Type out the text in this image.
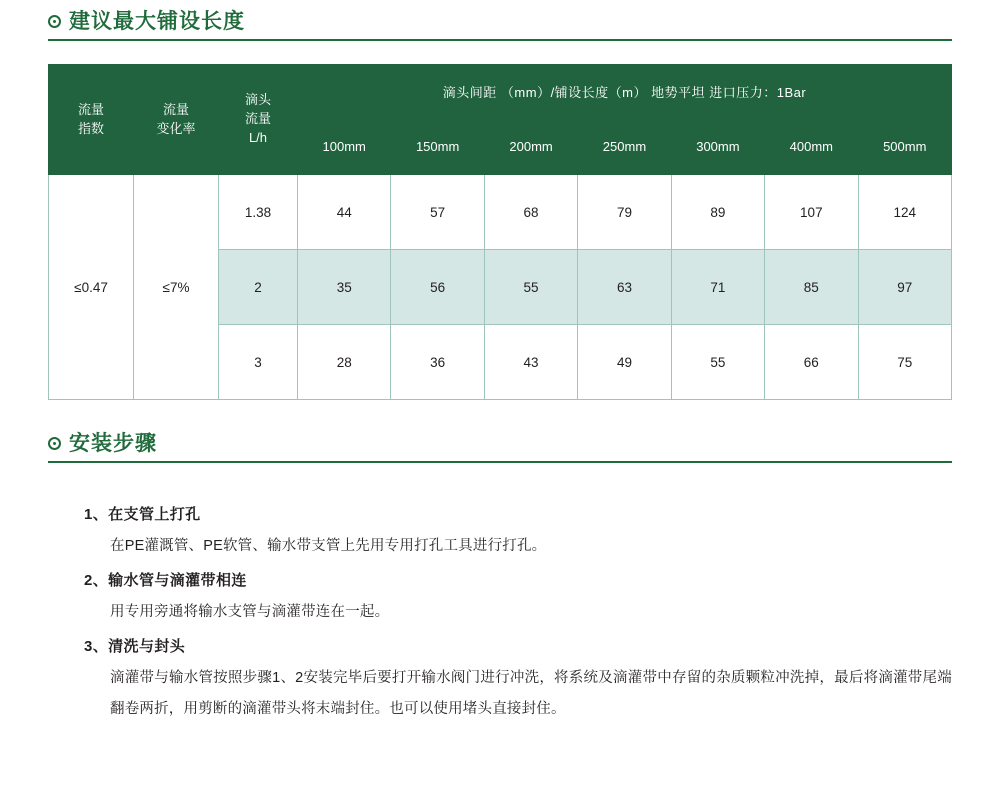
建议最大铺设长度
流量
指数

流量
变化率

滴头
流量
L/h
	滴头间距 （mm）/铺设长度（m） 地势平坦 进口压力：1Bar
			100mm	150mm	200mm	250mm	300mm	400mm	500mm
≤0.47	≤7%	1.38	44	57	68	79	89	107	124
		2	35	56	55	63	71	85	97
		3	28	36	43	49	55	66	75
安装步骤
1、在支管上打孔
在PE灌溉管、PE软管、输水带支管上先用专用打孔工具进行打孔。
2、输水管与滴灌带相连
用专用旁通将输水支管与滴灌带连在一起。
3、清洗与封头
滴灌带与输水管按照步骤1、2安装完毕后要打开输水阀门进行冲洗，将系统及滴灌带中存留的杂质颗粒冲洗掉，最后将滴灌带尾端翻卷两折，用剪断的滴灌带头将末端封住。也可以使用堵头直接封住。
